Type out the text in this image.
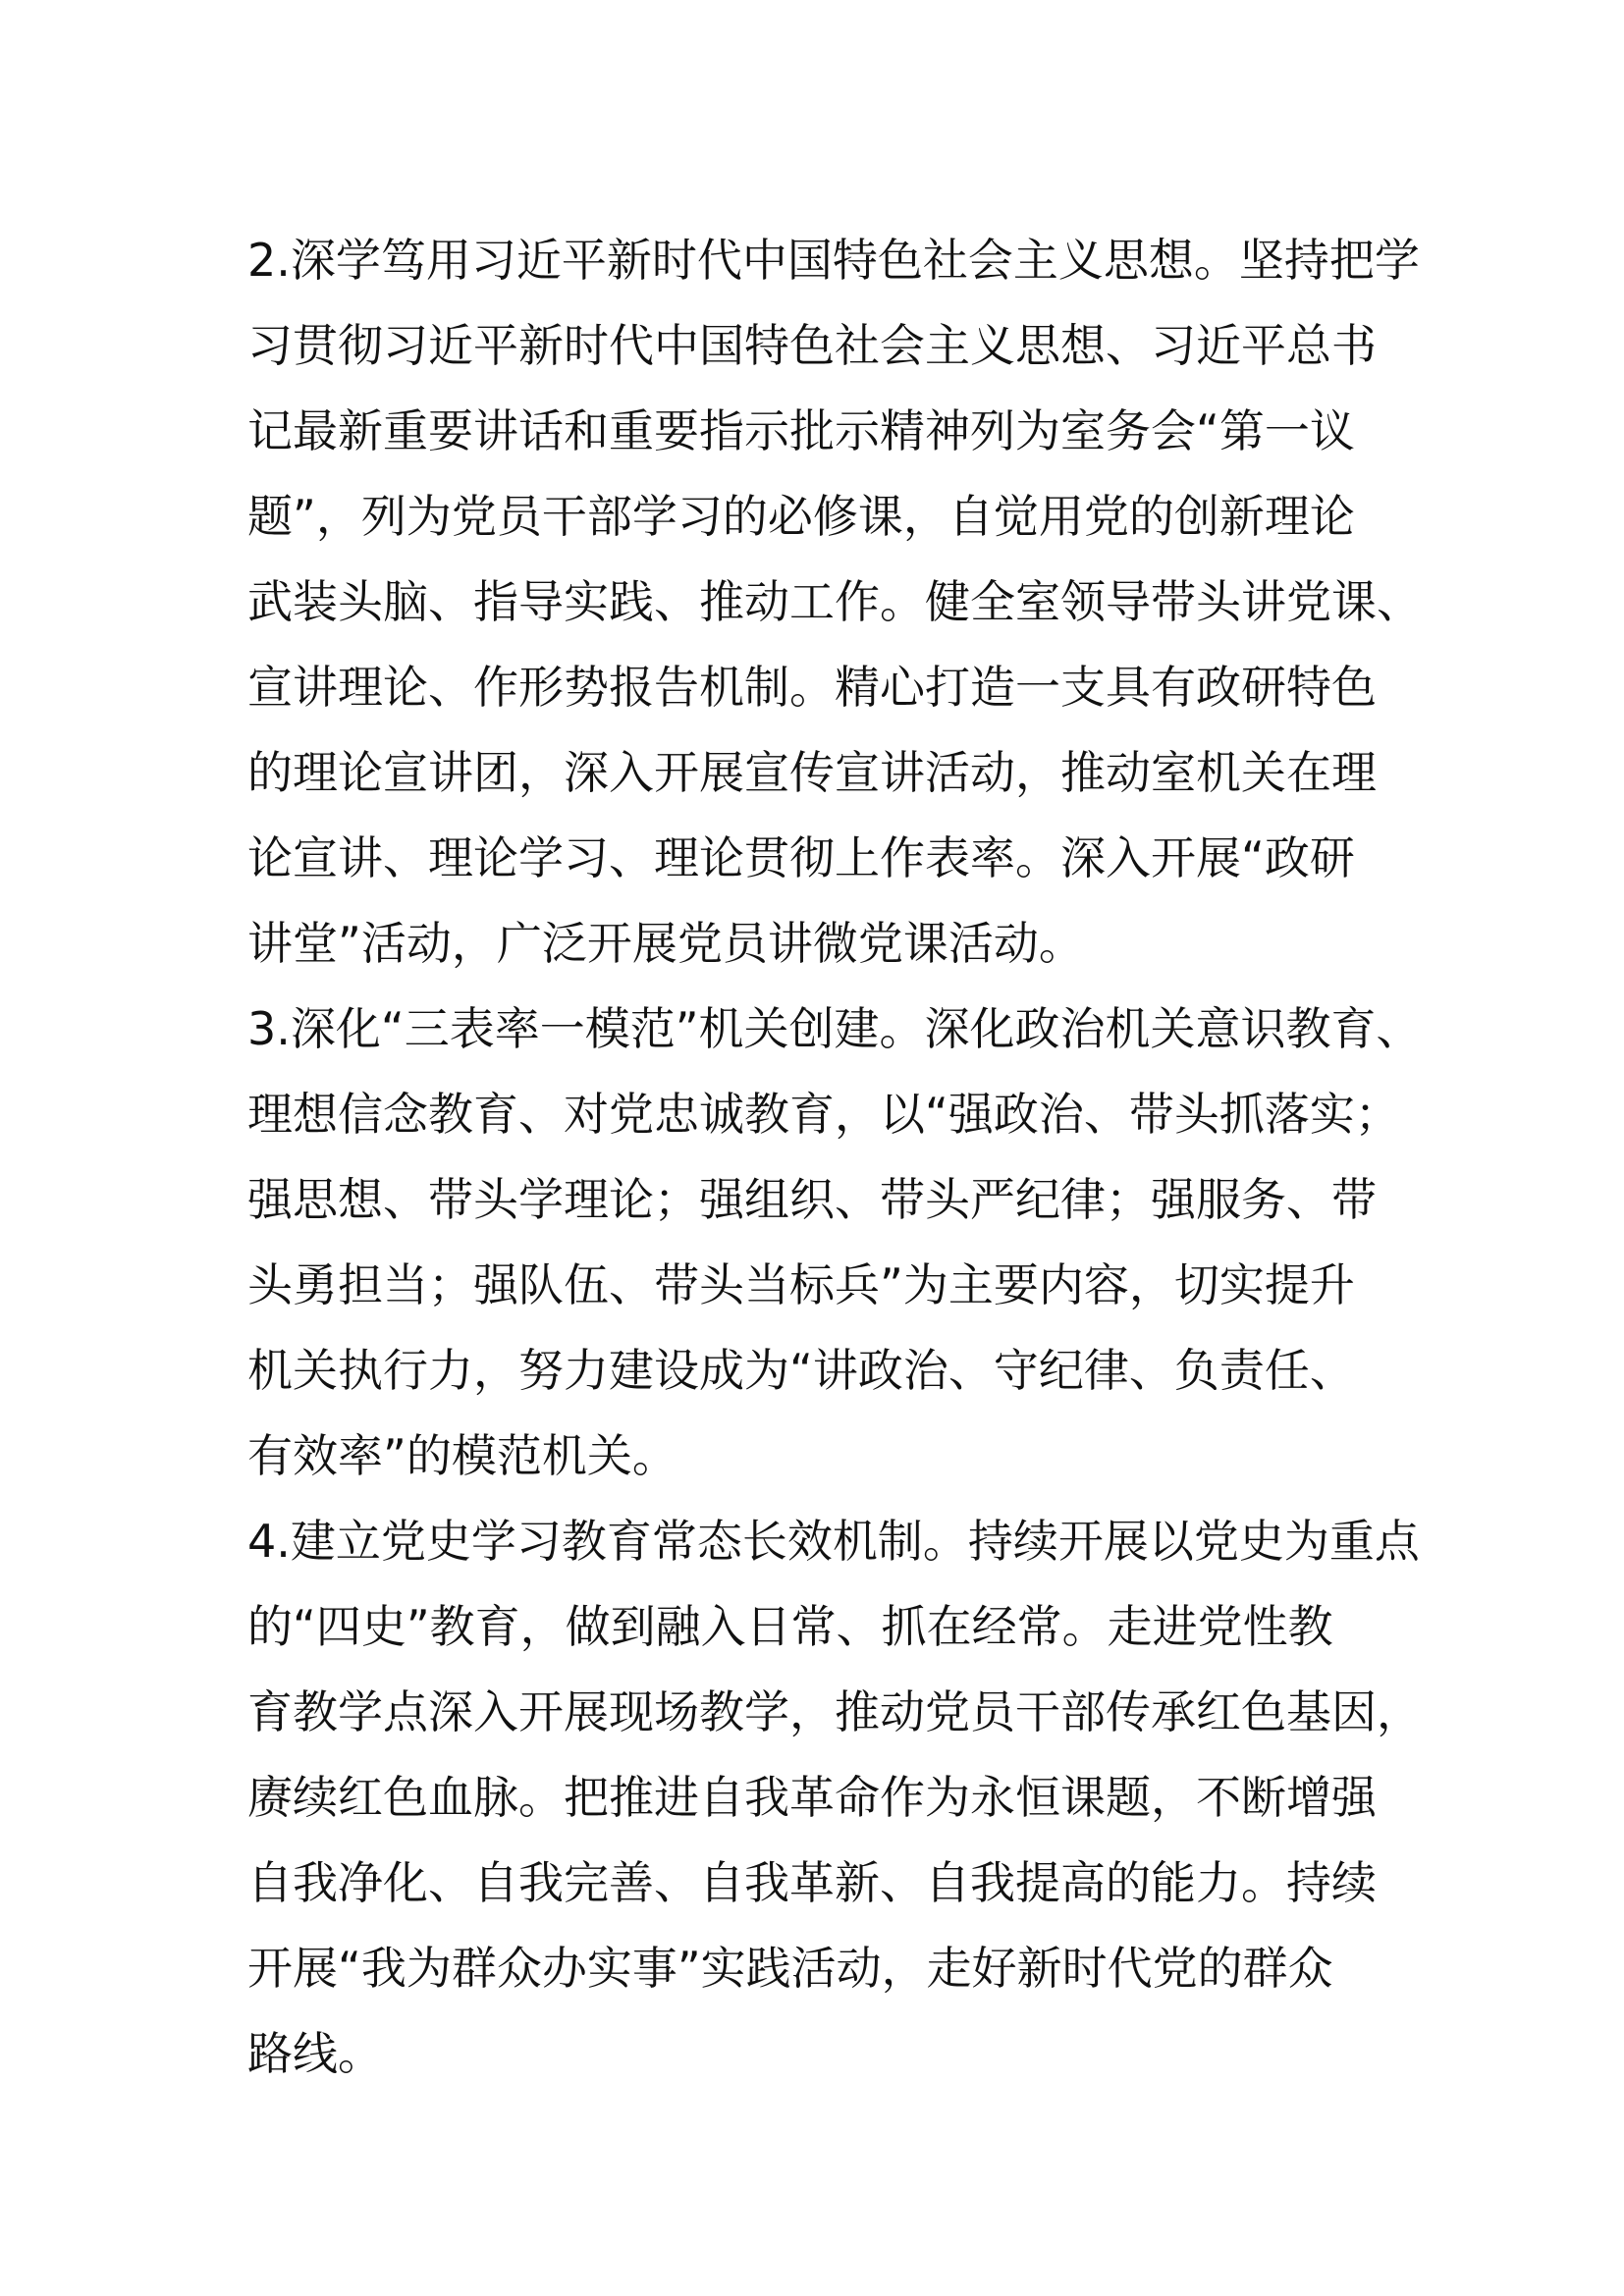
2.深学笃用习近平新时代中国特色社会主义思想。坚持把学
习贯彻习近平新时代中国特色社会主义思想、习近平总书
记最新重要讲话和重要指示批示精神列为室务会“第一议
题”，列为党员干部学习的必修课，自觉用党的创新理论
武装头脑、指导实践、推动工作。健全室领导带头讲党课、
宣讲理论、作形势报告机制。精心打造一支具有政研特色
的理论宣讲团，深入开展宣传宣讲活动，推动室机关在理
论宣讲、理论学习、理论贯彻上作表率。深入开展“政研
讲堂”活动，广泛开展党员讲微党课活动。
3.深化“三表率一模范”机关创建。深化政治机关意识教育、
理想信念教育、对党忠诚教育，以“强政治、带头抓落实；
强思想、带头学理论；强组织、带头严纪律；强服务、带
头勇担当；强队伍、带头当标兵”为主要内容，切实提升
机关执行力，努力建设成为“讲政治、守纪律、负责任、
有效率”的模范机关。
4.建立党史学习教育常态长效机制。持续开展以党史为重点
的“四史”教育，做到融入日常、抓在经常。走进党性教
育教学点深入开展现场教学，推动党员干部传承红色基因，
赓续红色血脉。把推进自我革命作为永恒课题，不断增强
自我净化、自我完善、自我革新、自我提高的能力。持续
开展“我为群众办实事”实践活动，走好新时代党的群众
路线。
